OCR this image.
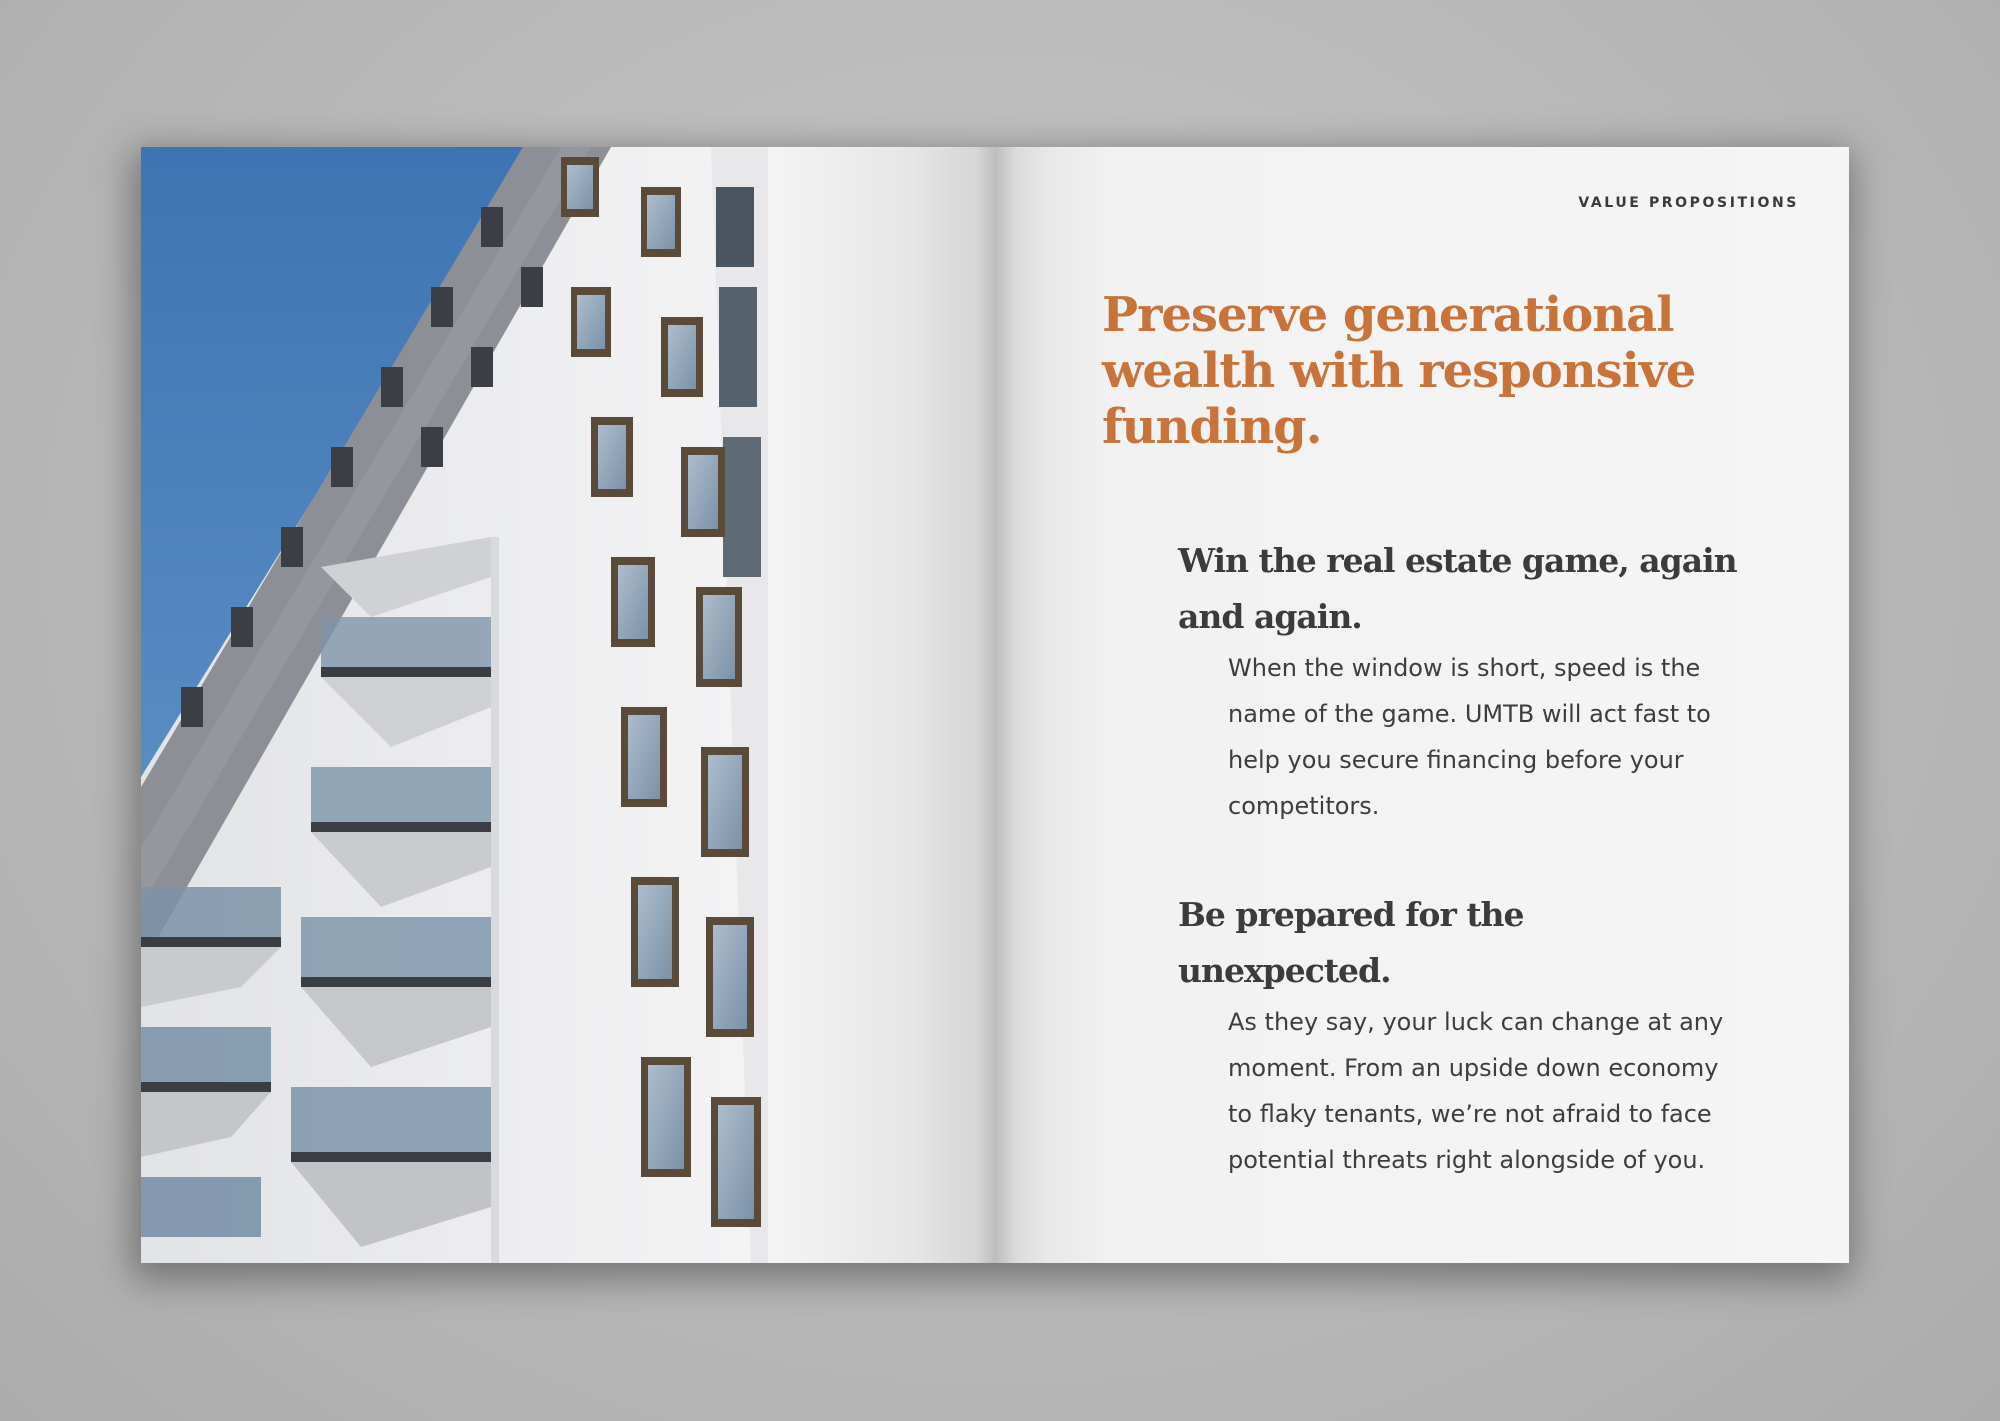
VALUE PROPOSITIONS
Preserve generational wealth with responsive funding.
Win the real estate game, again and again.

When the window is short, speed is the name of the game. UMTB will act fast to help you secure financing before your competitors.

Be prepared for the unexpected.

As they say, your luck can change at any moment. From an upside down economy to flaky tenants, we’re not afraid to face potential threats right alongside of you.
